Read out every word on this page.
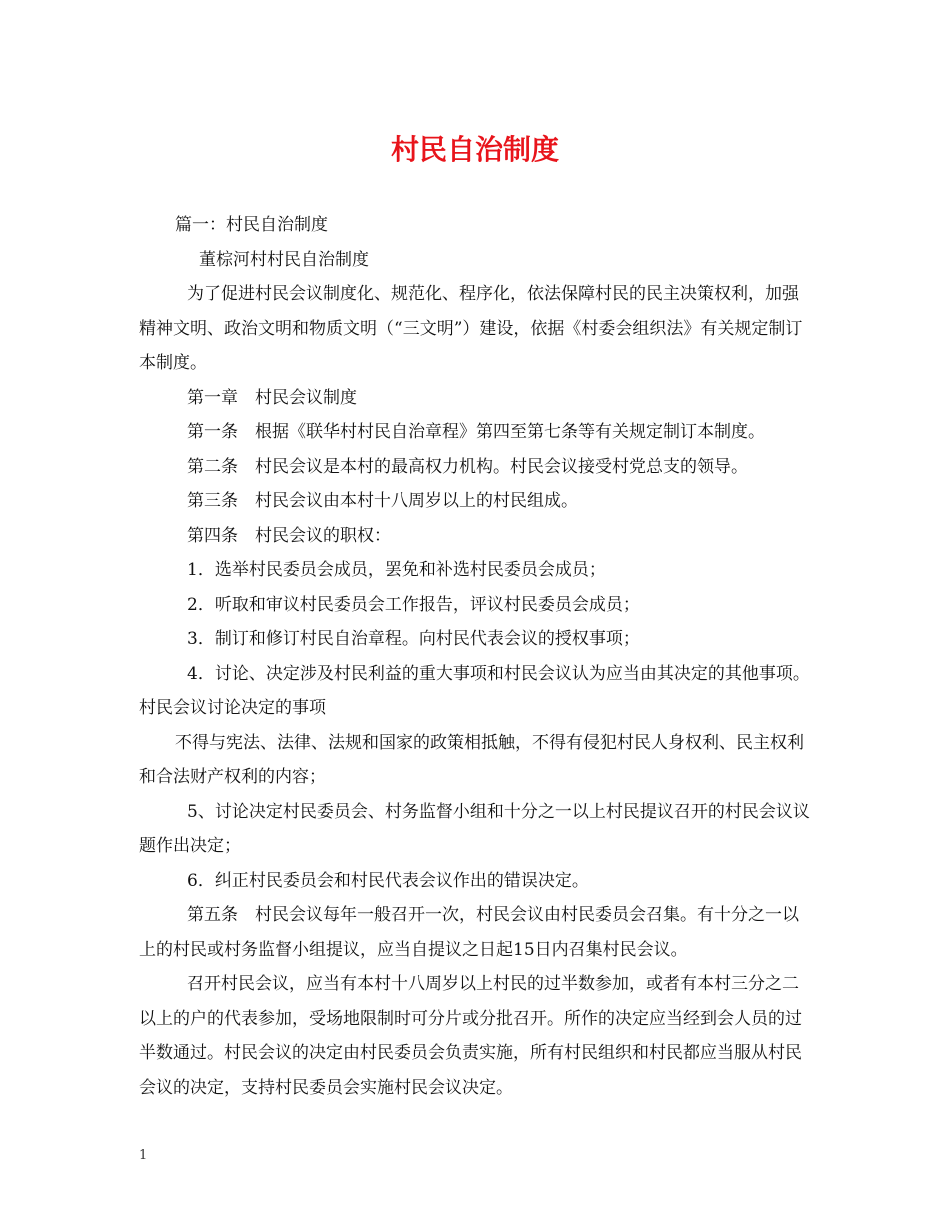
村民自治制度

篇一：村民自治制度

董棕河村村民自治制度

为了促进村民会议制度化、规范化、程序化，依法保障村民的民主决策权利，加强精神文明、政治文明和物质文明（“三文明”）建设，依据《村委会组织法》有关规定制订本制度。

第一章　村民会议制度

第一条　根据《联华村村民自治章程》第四至第七条等有关规定制订本制度。

第二条　村民会议是本村的最高权力机构。村民会议接受村党总支的领导。

第三条　村民会议由本村十八周岁以上的村民组成。

第四条　村民会议的职权：

1．选举村民委员会成员，罢免和补选村民委员会成员；

2．听取和审议村民委员会工作报告，评议村民委员会成员；

3．制订和修订村民自治章程。向村民代表会议的授权事项；

4．讨论、决定涉及村民利益的重大事项和村民会议认为应当由其决定的其他事项。村民会议讨论决定的事项

不得与宪法、法律、法规和国家的政策相抵触，不得有侵犯村民人身权利、民主权利和合法财产权利的内容；

5、讨论决定村民委员会、村务监督小组和十分之一以上村民提议召开的村民会议议题作出决定；

6．纠正村民委员会和村民代表会议作出的错误决定。

第五条　村民会议每年一般召开一次，村民会议由村民委员会召集。有十分之一以上的村民或村务监督小组提议，应当自提议之日起15日内召集村民会议。

召开村民会议，应当有本村十八周岁以上村民的过半数参加，或者有本村三分之二以上的户的代表参加，受场地限制时可分片或分批召开。所作的决定应当经到会人员的过半数通过。村民会议的决定由村民委员会负责实施，所有村民组织和村民都应当服从村民会议的决定，支持村民委员会实施村民会议决定。

1
